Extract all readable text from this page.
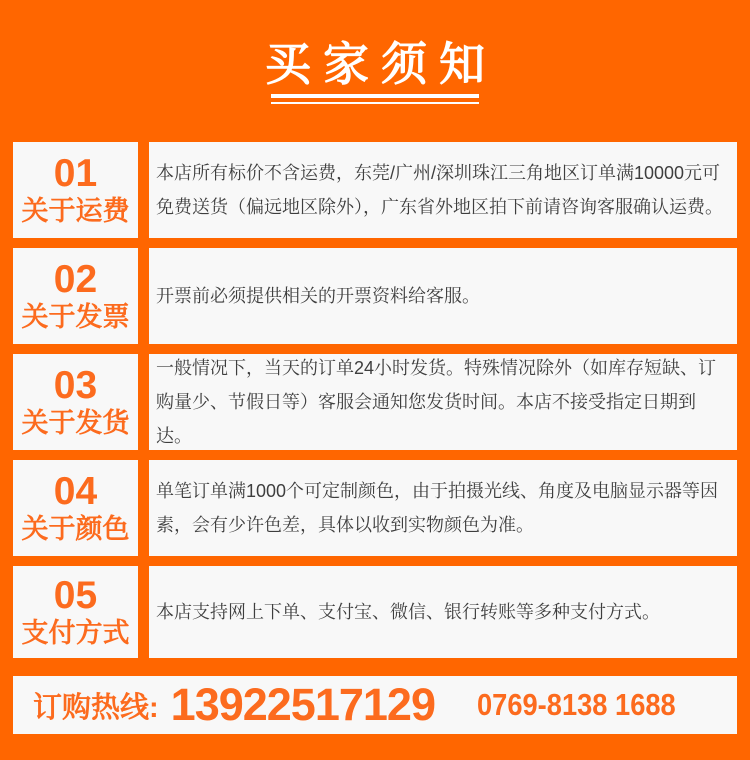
买家须知
01
关于运费

本店所有标价不含运费，东莞/广州/深圳珠江三角地区订单满10000元可免费送货（偏远地区除外），广东省外地区拍下前请咨询客服确认运费。

02
关于发票

开票前必须提供相关的开票资料给客服。

03
关于发货

一般情况下，当天的订单24小时发货。特殊情况除外（如库存短缺、订购量少、节假日等）客服会通知您发货时间。本店不接受指定日期到达。

04
关于颜色

单笔订单满1000个可定制颜色，由于拍摄光线、角度及电脑显示器等因素，会有少许色差，具体以收到实物颜色为准。

05
支付方式

本店支持网上下单、支付宝、微信、银行转账等多种支付方式。

订购热线: 13922517129 0769-8138 1688
